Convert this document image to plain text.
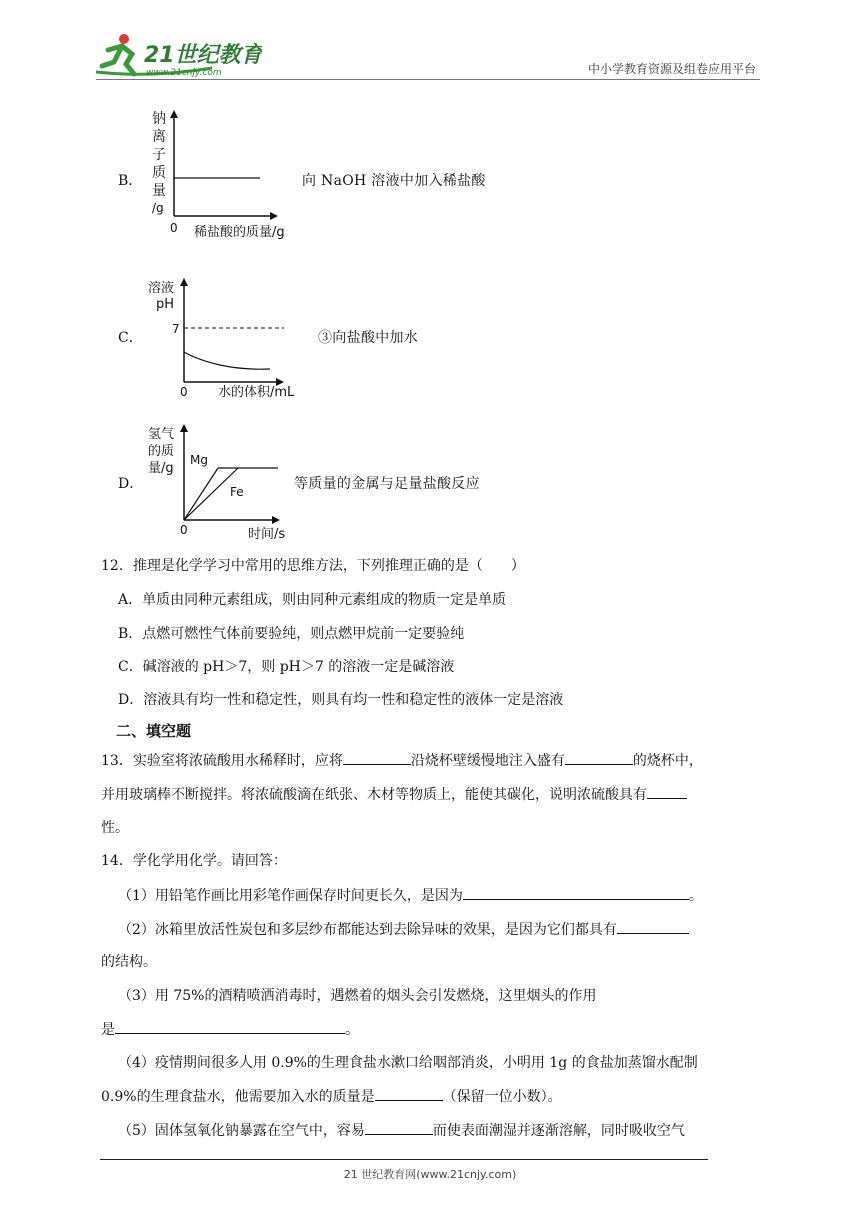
21世纪教育
www.21cnjy.com	中小学教育资源及组卷应用平台
B．
钠
离
子
质
量
/g
0 稀盐酸的质量/g
向 NaOH 溶液中加入稀盐酸
C．
溶液
pH
7
0 水的体积/mL
③向盐酸中加水
D．
氢气
的质
量/g
Mg
Fe
0	时间/s
等质量的金属与足量盐酸反应
12．推理是化学学习中常用的思维方法，下列推理正确的是（　　）
A．单质由同种元素组成，则由同种元素组成的物质一定是单质
B．点燃可燃性气体前要验纯，则点燃甲烷前一定要验纯
C．碱溶液的 pH＞7，则 pH＞7 的溶液一定是碱溶液
D．溶液具有均一性和稳定性，则具有均一性和稳定性的液体一定是溶液
二、填空题
13．实验室将浓硫酸用水稀释时，应将	沿烧杯壁缓慢地注入盛有	的烧杯中，
并用玻璃棒不断搅拌。将浓硫酸滴在纸张、木材等物质上，能使其碳化，说明浓硫酸具有
性。
14．学化学用化学。请回答：
（1）用铅笔作画比用彩笔作画保存时间更长久，是因为	。
（2）冰箱里放活性炭包和多层纱布都能达到去除异味的效果，是因为它们都具有
的结构。
（3）用 75%的酒精喷洒消毒时，遇燃着的烟头会引发燃烧，这里烟头的作用
是	。
（4）疫情期间很多人用 0.9%的生理食盐水漱口给咽部消炎，小明用 1g 的食盐加蒸馏水配制
0.9%的生理食盐水，他需要加入水的质量是	（保留一位小数）。
（5）固体氢氧化钠暴露在空气中，容易	而使表面潮湿并逐渐溶解，同时吸收空气
21 世纪教育网(www.21cnjy.com)
